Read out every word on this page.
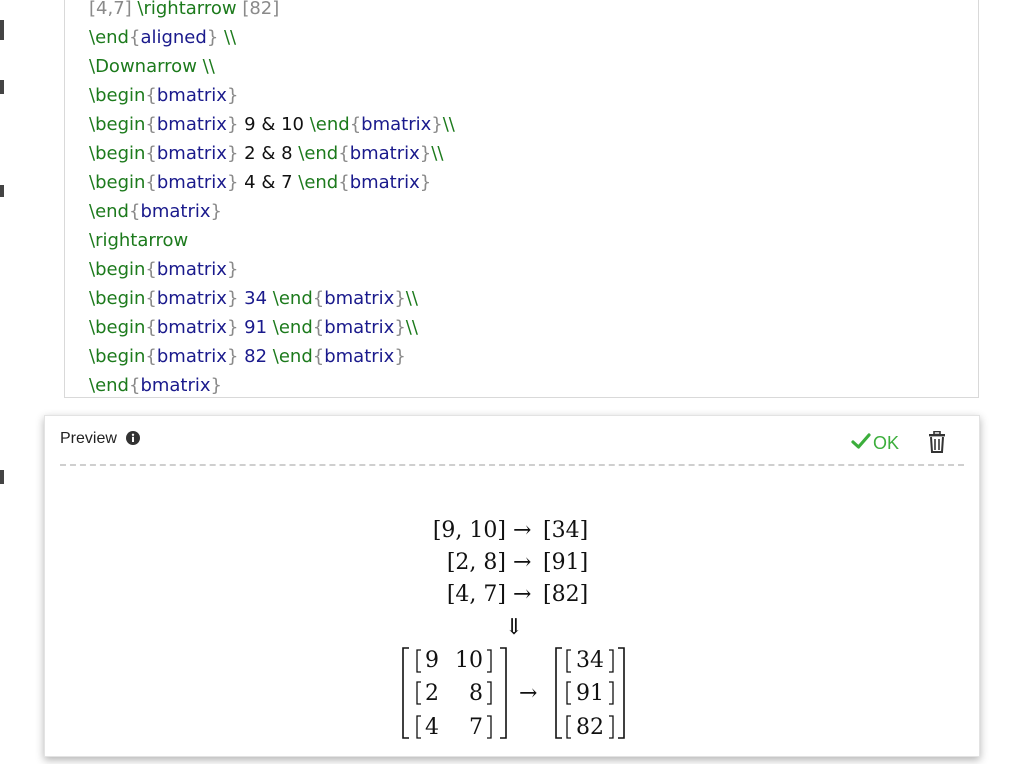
[4,7] \rightarrow [82]
\end{aligned} \\
\Downarrow \\
\begin{bmatrix}
\begin{bmatrix} 9 & 10 \end{bmatrix}\\
\begin{bmatrix} 2 & 8 \end{bmatrix}\\
\begin{bmatrix} 4 & 7 \end{bmatrix}
\end{bmatrix}
\rightarrow
\begin{bmatrix}
\begin{bmatrix} 34 \end{bmatrix}\\
\begin{bmatrix} 91 \end{bmatrix}\\
\begin{bmatrix} 82 \end{bmatrix}
\end{bmatrix}
Preview	OK
[9, 10] → [34]
[2, 8] → [91]
[4, 7] → [82]
⇓
9 10
2 8
4 7
→
34
91
82
